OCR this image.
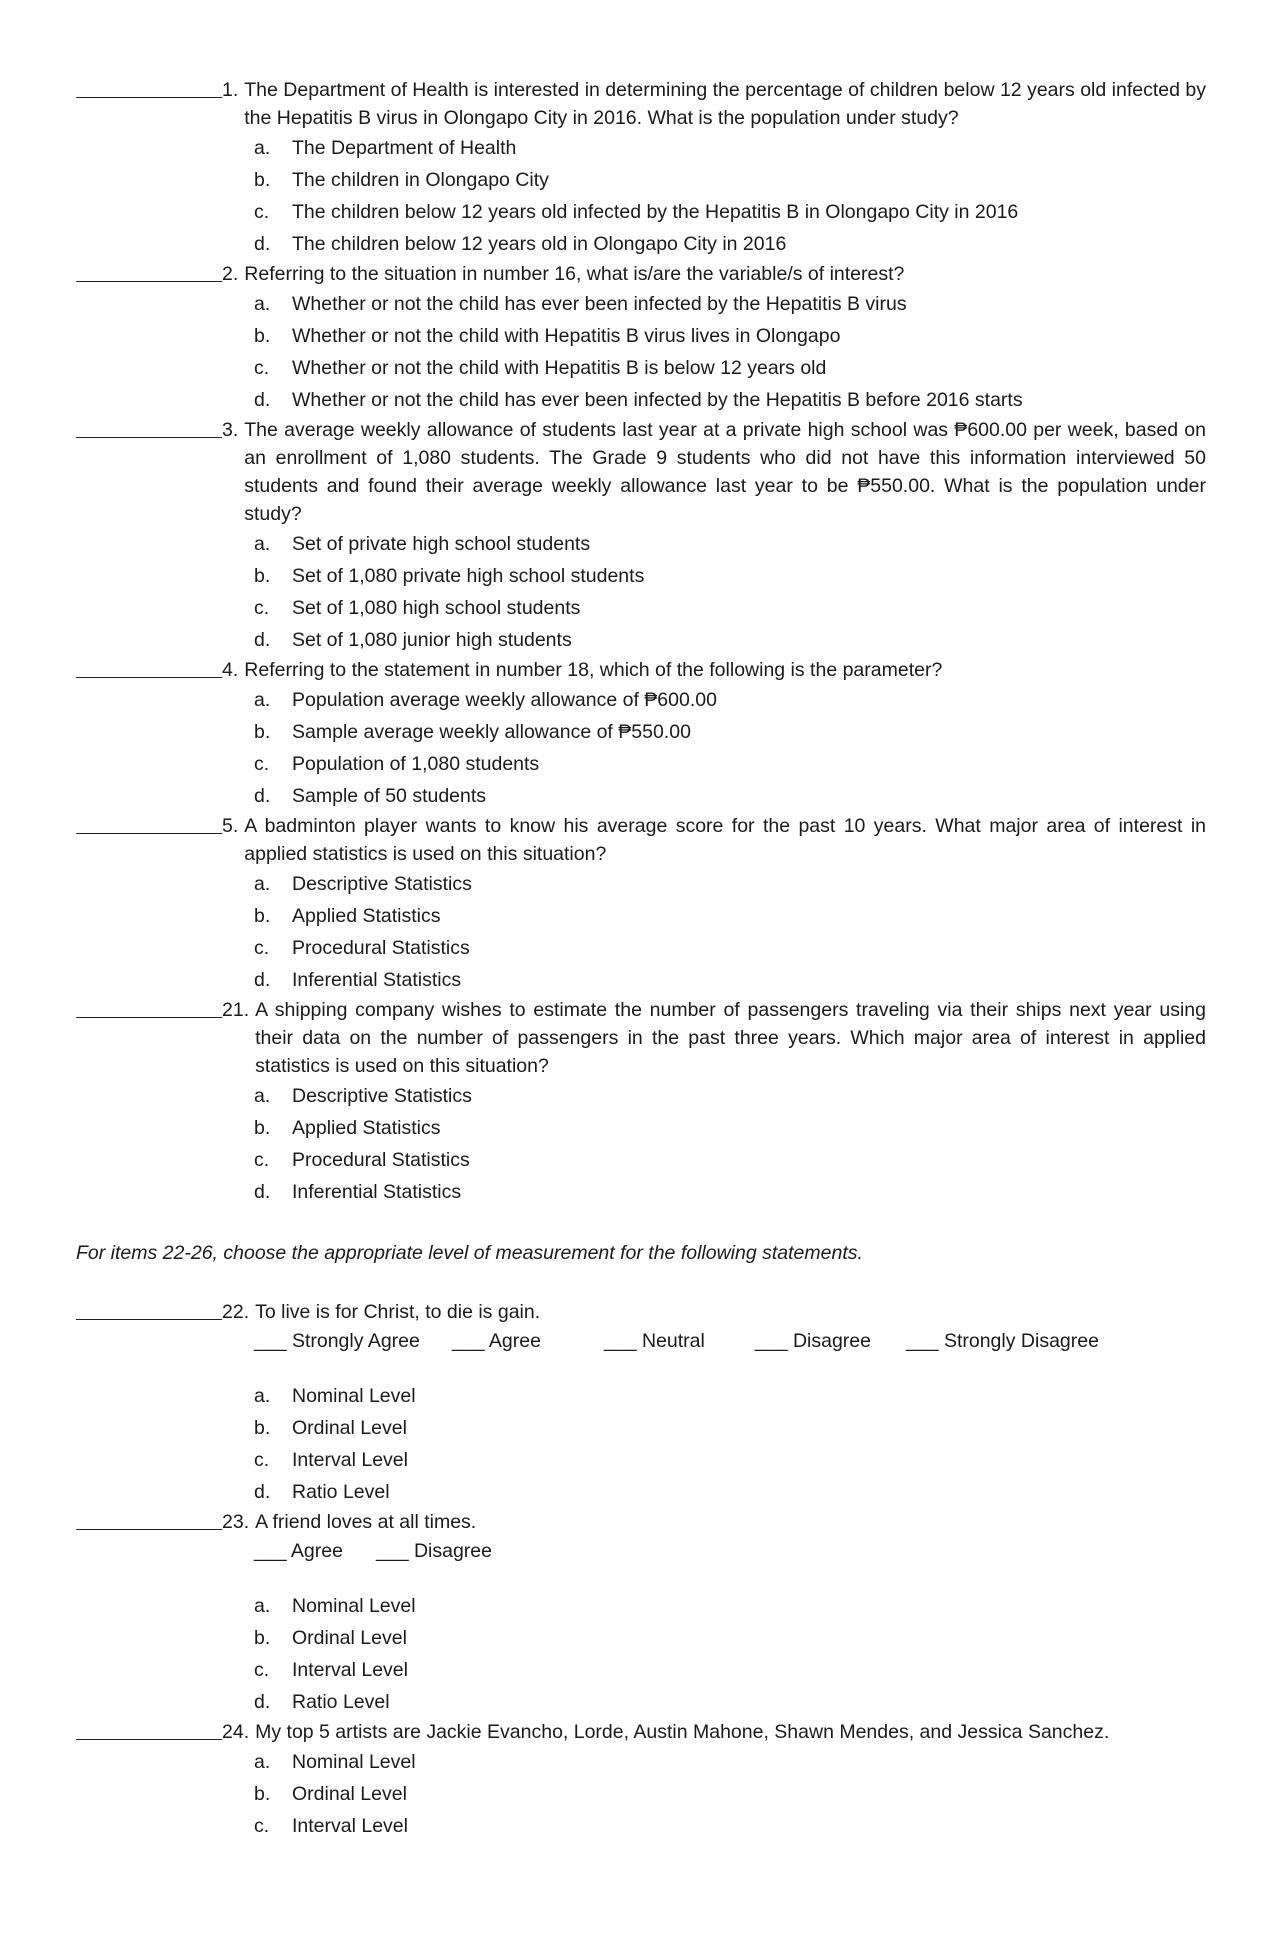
1. The Department of Health is interested in determining the percentage of children below 12 years old infected by the Hepatitis B virus in Olongapo City in 2016. What is the population under study?
a.	The Department of Health
b.	The children in Olongapo City
c.	The children below 12 years old infected by the Hepatitis B in Olongapo City in 2016
d.	The children below 12 years old in Olongapo City in 2016
2. Referring to the situation in number 16, what is/are the variable/s of interest?
a.	Whether or not the child has ever been infected by the Hepatitis B virus
b.	Whether or not the child with Hepatitis B virus lives in Olongapo
c.	Whether or not the child with Hepatitis B is below 12 years old
d.	Whether or not the child has ever been infected by the Hepatitis B before 2016 starts
3. The average weekly allowance of students last year at a private high school was ₱600.00 per week, based on an enrollment of 1,080 students. The Grade 9 students who did not have this information interviewed 50 students and found their average weekly allowance last year to be ₱550.00. What is the population under study?
a.	Set of private high school students
b.	Set of 1,080 private high school students
c.	Set of 1,080 high school students
d.	Set of 1,080 junior high students
4. Referring to the statement in number 18, which of the following is the parameter?
a.	Population average weekly allowance of ₱600.00
b.	Sample average weekly allowance of ₱550.00
c.	Population of 1,080 students
d.	Sample of 50 students
5. A badminton player wants to know his average score for the past 10 years. What major area of interest in applied statistics is used on this situation?
a.	Descriptive Statistics
b.	Applied Statistics
c.	Procedural Statistics
d.	Inferential Statistics
21. A shipping company wishes to estimate the number of passengers traveling via their ships next year using their data on the number of passengers in the past three years. Which major area of interest in applied statistics is used on this situation?
a.	Descriptive Statistics
b.	Applied Statistics
c.	Procedural Statistics
d.	Inferential Statistics
For items 22-26, choose the appropriate level of measurement for the following statements.
22. To live is for Christ, to die is gain.
___ Strongly Agree	___ Agree	___ Neutral	___ Disagree	___ Strongly Disagree
a.	Nominal Level
b.	Ordinal Level
c.	Interval Level
d.	Ratio Level
23. A friend loves at all times.
___ Agree	___ Disagree
a.	Nominal Level
b.	Ordinal Level
c.	Interval Level
d.	Ratio Level
24. My top 5 artists are Jackie Evancho, Lorde, Austin Mahone, Shawn Mendes, and Jessica Sanchez.
a.	Nominal Level
b.	Ordinal Level
c.	Interval Level
